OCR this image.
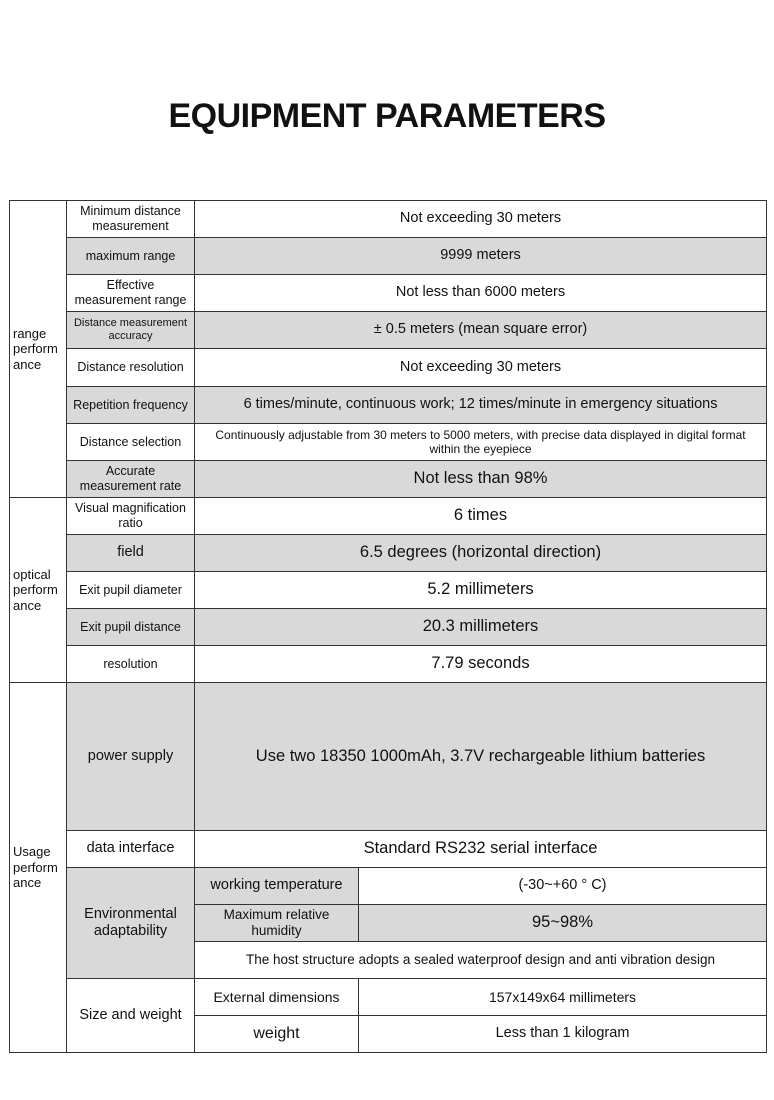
EQUIPMENT PARAMETERS
range perform ance	Minimum distance measurement	Not exceeding 30 meters	
	maximum range	9999 meters	
	Effective measurement range	Not less than 6000 meters	
	Distance measurement accuracy	± 0.5 meters (mean square error)	
	Distance resolution	Not exceeding 30 meters	
	Repetition frequency	6 times/minute, continuous work; 12 times/minute in emergency situations	
	Distance selection	Continuously adjustable from 30 meters to 5000 meters, with precise data displayed in digital format within the eyepiece	
	Accurate measurement rate	Not less than 98%	
optical perform ance	Visual magnification ratio	6 times	
	field	6.5 degrees (horizontal direction)	
	Exit pupil diameter	5.2 millimeters	
	Exit pupil distance	20.3 millimeters	
	resolution	7.79 seconds	
Usage perform ance	power supply	Use two 18350 1000mAh, 3.7V rechargeable lithium batteries	
	data interface	Standard RS232 serial interface	
	Environmental adaptability	working temperature	(-30~+60 ° C)
		Maximum relative humidity	95~98%
		The host structure adopts a sealed waterproof design and anti vibration design	
	Size and weight	External dimensions	157x149x64 millimeters
		weight	Less than 1 kilogram
